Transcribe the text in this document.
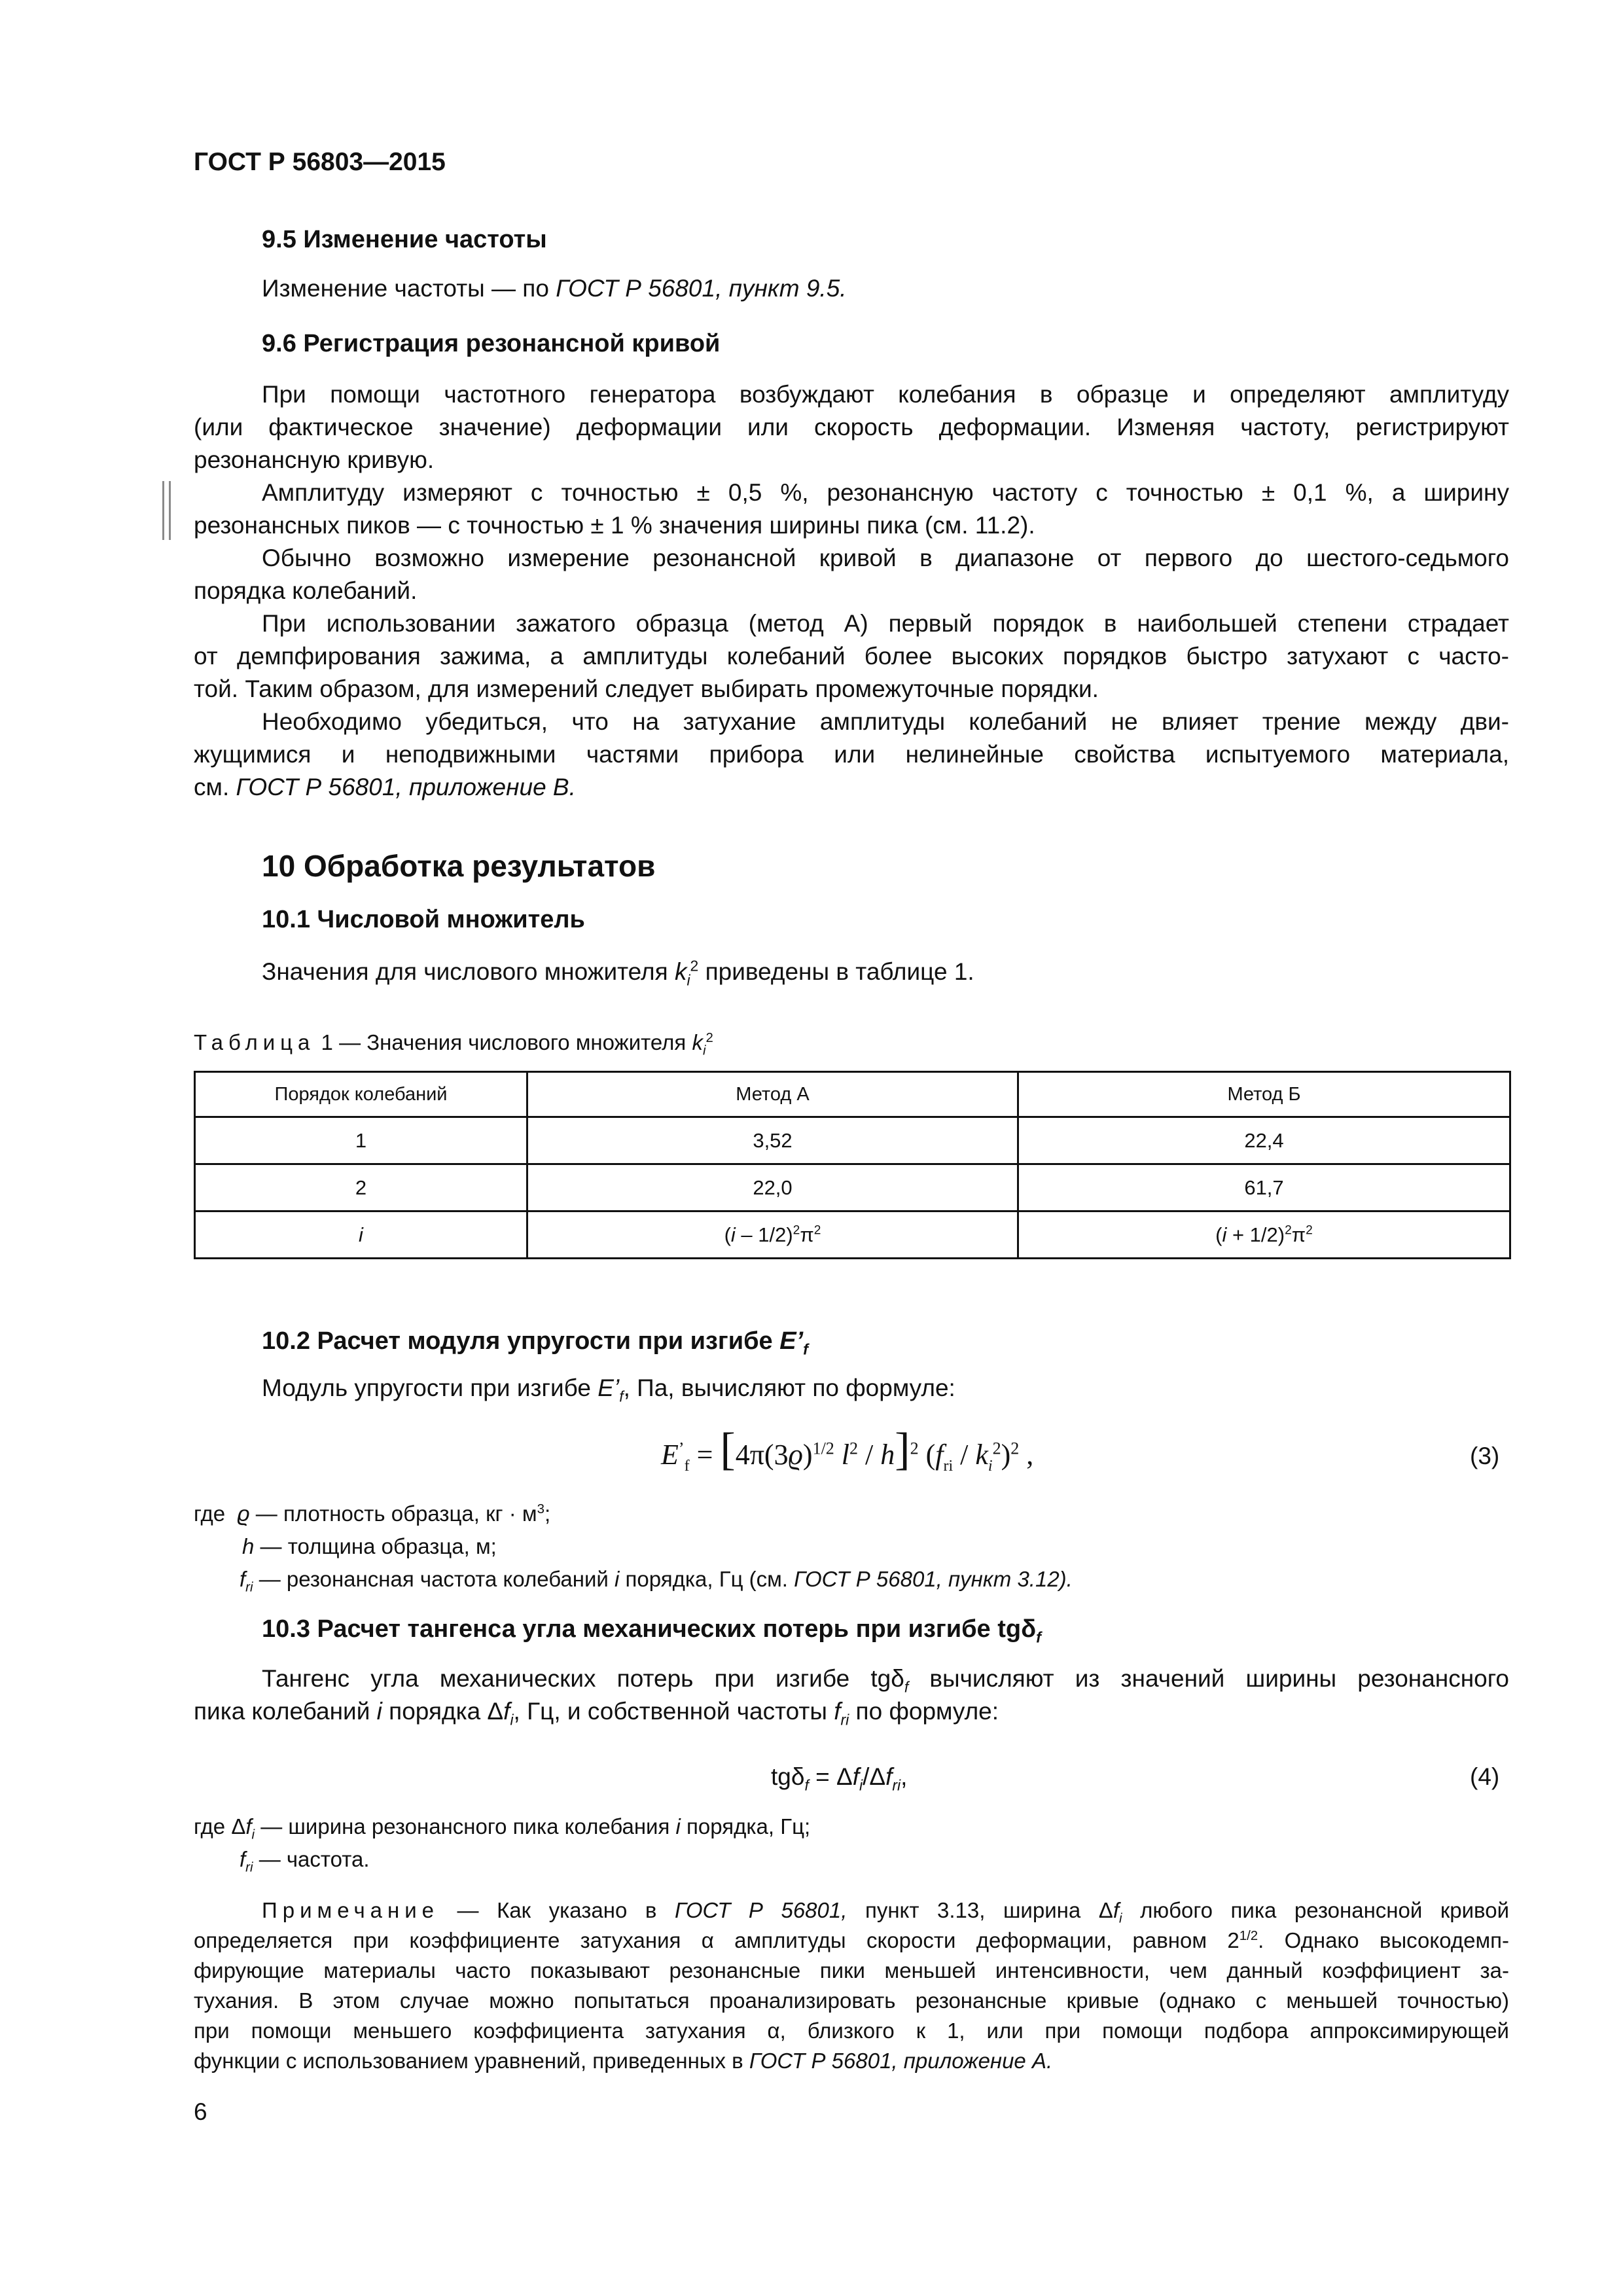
ГОСТ Р 56803—2015
9.5 Изменение частоты
Изменение частоты — по ГОСТ Р 56801, пункт 9.5.
9.6 Регистрация резонансной кривой
При помощи частотного генератора возбуждают колебания в образце и определяют амплитуду
(или фактическое значение) деформации или скорость деформации. Изменяя частоту, регистрируют
резонансную кривую.
Амплитуду измеряют с точностью ± 0,5 %, резонансную частоту с точностью ± 0,1 %, а ширину
резонансных пиков — с точностью ± 1 % значения ширины пика (см. 11.2).
Обычно возможно измерение резонансной кривой в диапазоне от первого до шестого-седьмого
порядка колебаний.
При использовании зажатого образца (метод А) первый порядок в наибольшей степени страдает
от демпфирования зажима, а амплитуды колебаний более высоких порядков быстро затухают с часто-
той. Таким образом, для измерений следует выбирать промежуточные порядки.
Необходимо убедиться, что на затухание амплитуды колебаний не влияет трение между дви-
жущимися и неподвижными частями прибора или нелинейные свойства испытуемого материала,
см. ГОСТ Р 56801, приложение В.
10 Обработка результатов
10.1 Числовой множитель
Значения для числового множителя $k_i^2$ приведены в таблице 1.
Таблица 1 — Значения числового множителя $k_i^2$
Порядок колебаний	Метод А	Метод Б
1	3,52	22,4
2	22,0	61,7
i	$(i - 1/2)^2\pi^2$	$(i + 1/2)^2\pi^2$
10.2 Расчет модуля упругости при изгибе $E’_f$
Модуль упругости при изгибе $E’_f$, Па, вычисляют по формуле:
$E^’_f = [4\pi(3ϱ)^{1/2}$ $l^2 / h]^2$ $(f_{ri} / k_i^2)^2$ ,	(3)
где ϱ — плотность образца, кг · $м^3$;
h — толщина образца, м;
$f_{ri}$ — резонансная частота колебаний i порядка, Гц (см. ГОСТ Р 56801, пункт 3.12).
10.3 Расчет тангенса угла механических потерь при изгибе tgδ$_f$
Тангенс угла механических потерь при изгибе tgδ$_f$ вычисляют из значений ширины резонансного
пика колебаний i порядка $\Delta f_i$, Гц, и собственной частоты $f_{ri}$ по формуле:
$tg\delta_f = \Delta f_i/\Delta f_{ri}$,	(4)
где $\Delta f_i$ — ширина резонансного пика колебания i порядка, Гц;
$f_{ri}$ — частота.
Примечание — Как указано в ГОСТ Р 56801, пункт 3.13, ширина $\Delta f_i$ любого пика резонансной кривой
определяется при коэффициенте затухания α амплитуды скорости деформации, равном $2^{1/2}$. Однако высокодемп-
фирующие материалы часто показывают резонансные пики меньшей интенсивности, чем данный коэффициент за-
тухания. В этом случае можно попытаться проанализировать резонансные кривые (однако с меньшей точностью)
при помощи меньшего коэффициента затухания α, близкого к 1, или при помощи подбора аппроксимирующей
функции с использованием уравнений, приведенных в ГОСТ Р 56801, приложение А.
6
